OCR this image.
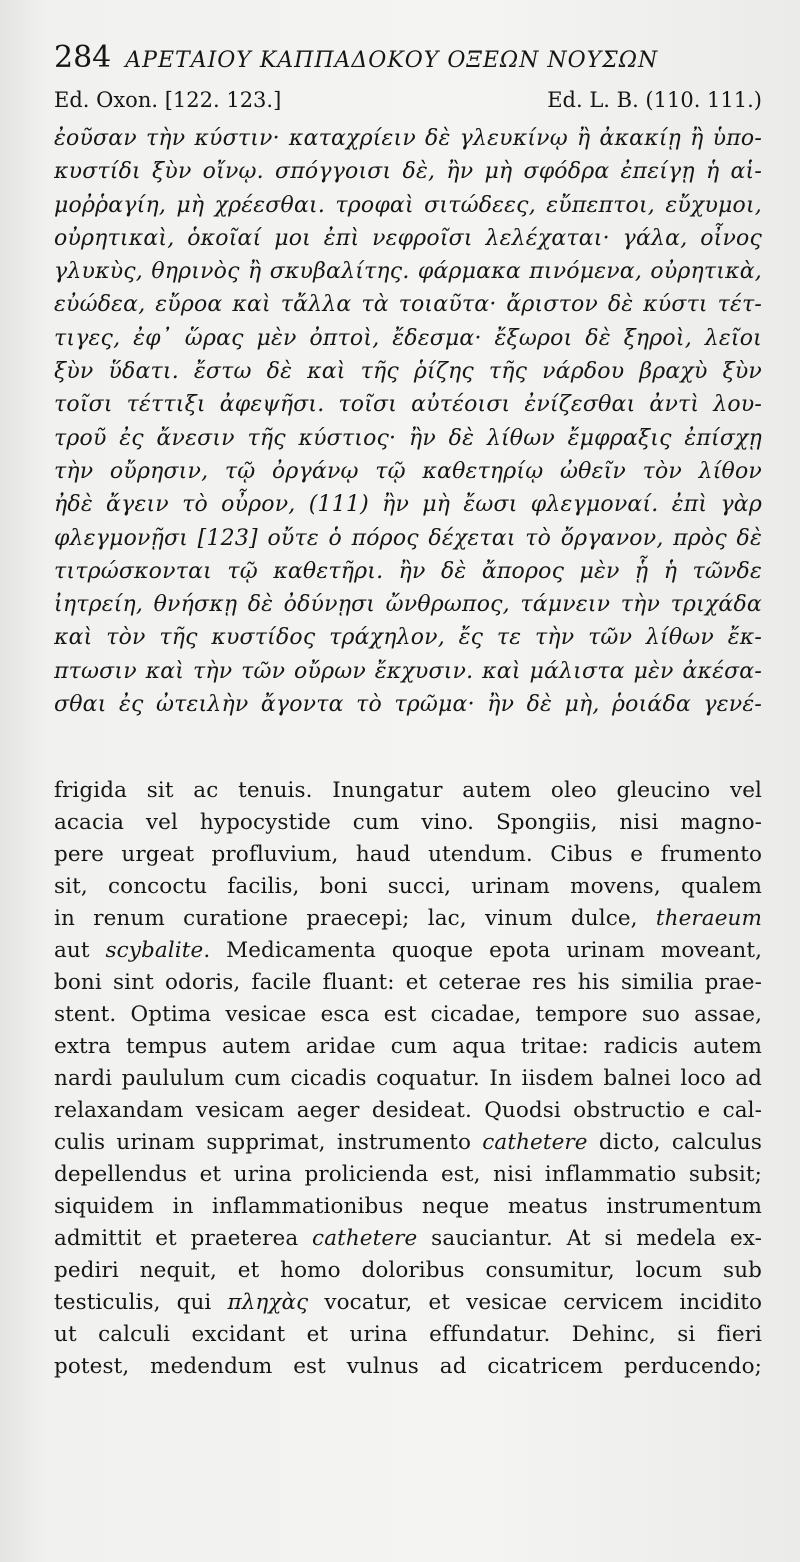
284 ΑΡΕΤΑΙΟΥ ΚΑΠΠΑΔΟΚΟΥ ΟΞΕΩΝ ΝΟΥΣΩΝ
Ed. Oxon. [122. 123.]	Ed. L. B. (110. 111.)

ἐοῦσαν τὴν κύστιν· καταχρίειν δὲ γλευκίνῳ ἢ ἀκακίῃ ἢ ὑπο-

κυστίδι ξὺν οἴνῳ. σπόγγοισι δὲ, ἢν μὴ σφόδρα ἐπείγῃ ἡ αἱ-

μοῤῥαγίη, μὴ χρέεσθαι. τροφαὶ σιτώδεες, εὔπεπτοι, εὔχυμοι,

οὐρητικαὶ, ὁκοῖαί μοι ἐπὶ νεφροῖσι λελέχαται· γάλα, οἶνος

γλυκὺς, θηρινὸς ἢ σκυβαλίτης. φάρμακα πινόμενα, οὐρητικὰ,

εὐώδεα, εὔροα καὶ τἄλλα τὰ τοιαῦτα· ἄριστον δὲ κύστι τέτ-

τιγες, ἐφ᾽ ὥρας μὲν ὀπτοὶ, ἔδεσμα· ἔξωροι δὲ ξηροὶ, λεῖοι

ξὺν ὕδατι. ἔστω δὲ καὶ τῆς ῥίζης τῆς νάρδου βραχὺ ξὺν

τοῖσι τέττιξι ἀφεψῆσι. τοῖσι αὐτέοισι ἐνίζεσθαι ἀντὶ λου-

τροῦ ἐς ἄνεσιν τῆς κύστιος· ἢν δὲ λίθων ἔμφραξις ἐπίσχῃ

τὴν οὔρησιν, τῷ ὀργάνῳ τῷ καθετηρίῳ ὠθεῖν τὸν λίθον

ἠδὲ ἄγειν τὸ οὖρον, (111) ἢν μὴ ἔωσι φλεγμοναί. ἐπὶ γὰρ

φλεγμονῇσι [123] οὔτε ὁ πόρος δέχεται τὸ ὄργανον, πρὸς δὲ

τιτρώσκονται τῷ καθετῆρι. ἢν δὲ ἄπορος μὲν ᾗ ἡ τῶνδε

ἰητρείη, θνήσκῃ δὲ ὀδύνῃσι ὤνθρωπος, τάμνειν τὴν τριχάδα

καὶ τὸν τῆς κυστίδος τράχηλον, ἔς τε τὴν τῶν λίθων ἔκ-

πτωσιν καὶ τὴν τῶν οὔρων ἔκχυσιν. καὶ μάλιστα μὲν ἀκέσα-

σθαι ἐς ὠτειλὴν ἄγοντα τὸ τρῶμα· ἢν δὲ μὴ, ῥοιάδα γενέ-

frigida sit ac tenuis. Inungatur autem oleo gleucino vel

acacia vel hypocystide cum vino. Spongiis, nisi magno-

pere urgeat profluvium, haud utendum. Cibus e frumento

sit, concoctu facilis, boni succi, urinam movens, qualem

in renum curatione praecepi; lac, vinum dulce, theraeum

aut scybalite. Medicamenta quoque epota urinam moveant,

boni sint odoris, facile fluant: et ceterae res his similia prae-

stent. Optima vesicae esca est cicadae, tempore suo assae,

extra tempus autem aridae cum aqua tritae: radicis autem

nardi paululum cum cicadis coquatur. In iisdem balnei loco ad

relaxandam vesicam aeger desideat. Quodsi obstructio e cal-

culis urinam supprimat, instrumento cathetere dicto, calculus

depellendus et urina prolicienda est, nisi inflammatio subsit;

siquidem in inflammationibus neque meatus instrumentum

admittit et praeterea cathetere sauciantur. At si medela ex-

pediri nequit, et homo doloribus consumitur, locum sub

testiculis, qui πληχὰς vocatur, et vesicae cervicem incidito

ut calculi excidant et urina effundatur. Dehinc, si fieri

potest, medendum est vulnus ad cicatricem perducendo;
